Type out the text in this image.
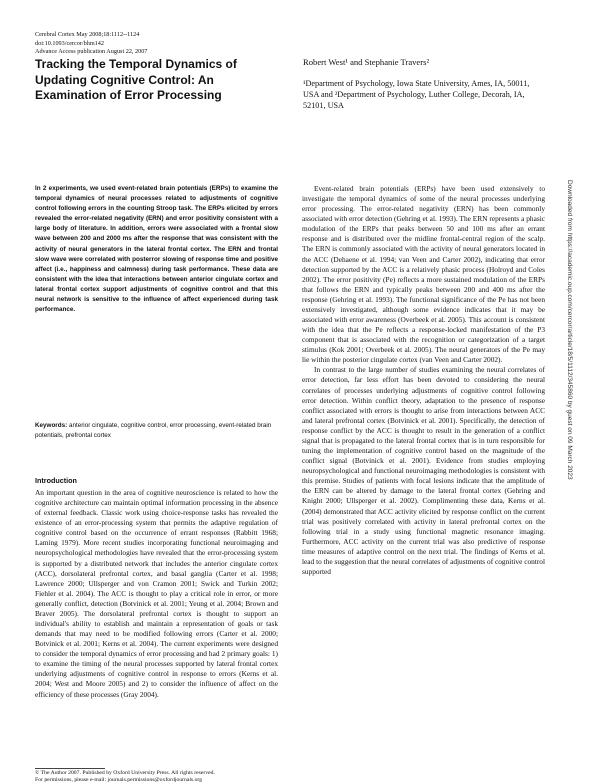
Cerebral Cortex May 2008;18:1112--1124
doi:10.1093/cercor/bhm142
Advance Access publication August 22, 2007
Tracking the Temporal Dynamics of Updating Cognitive Control: An Examination of Error Processing
Robert West¹ and Stephanie Travers²
¹Department of Psychology, Iowa State University, Ames, IA, 50011, USA and ²Department of Psychology, Luther College, Decorah, IA, 52101, USA
In 2 experiments, we used event-related brain potentials (ERPs) to examine the temporal dynamics of neural processes related to adjustments of cognitive control following errors in the counting Stroop task. The ERPs elicited by errors revealed the error-related negativity (ERN) and error positivity consistent with a large body of literature. In addition, errors were associated with a frontal slow wave between 200 and 2000 ms after the response that was consistent with the activity of neural generators in the lateral frontal cortex. The ERN and frontal slow wave were correlated with posterror slowing of response time and positive affect (i.e., happiness and calmness) during task performance. These data are consistent with the idea that interactions between anterior cingulate cortex and lateral frontal cortex support adjustments of cognitive control and that this neural network is sensitive to the influence of affect experienced during task performance.
Keywords: anterior cingulate, cognitive control, error processing, event-related brain potentials, prefrontal cortex
Introduction

An important question in the area of cognitive neuroscience is related to how the cognitive architecture can maintain optimal information processing in the absence of external feedback. Classic work using choice-response tasks has revealed the existence of an error-processing system that permits the adaptive regulation of cognitive control based on the occurrence of errant responses (Rabbitt 1968; Laming 1979). More recent studies incorporating functional neuroimaging and neuropsychological methodologies have revealed that the error-processing system is supported by a distributed network that includes the anterior cingulate cortex (ACC), dorsolateral prefrontal cortex, and basal ganglia (Carter et al. 1998; Lawrence 2000; Ullsperger and von Cramon 2001; Swick and Turkin 2002; Fiehler et al. 2004). The ACC is thought to play a critical role in error, or more generally conflict, detection (Botvinick et al. 2001; Yeung et al. 2004; Brown and Braver 2005). The dorsolateral prefrontal cortex is thought to support an individual's ability to establish and maintain a representation of goals or task demands that may need to be modified following errors (Carter et al. 2000; Botvinick et al. 2001; Kerns et al. 2004). The current experiments were designed to consider the temporal dynamics of error processing and had 2 primary goals: 1) to examine the timing of the neural processes supported by lateral frontal cortex underlying adjustments of cognitive control in response to errors (Kerns et al. 2004; West and Moore 2005) and 2) to consider the influence of affect on the efficiency of these processes (Gray 2004).

Event-related brain potentials (ERPs) have been used extensively to investigate the temporal dynamics of some of the neural processes underlying error processing. The error-related negativity (ERN) has been commonly associated with error detection (Gehring et al. 1993). The ERN represents a phasic modulation of the ERPs that peaks between 50 and 100 ms after an errant response and is distributed over the midline frontal-central region of the scalp. The ERN is commonly associated with the activity of neural generators located in the ACC (Dehaene et al. 1994; van Veen and Carter 2002), indicating that error detection supported by the ACC is a relatively phasic process (Holroyd and Coles 2002). The error positivity (Pe) reflects a more sustained modulation of the ERPs that follows the ERN and typically peaks between 200 and 400 ms after the response (Gehring et al. 1993). The functional significance of the Pe has not been extensively investigated, although some evidence indicates that it may be associated with error awareness (Overbeek et al. 2005). This account is consistent with the idea that the Pe reflects a response-locked manifestation of the P3 component that is associated with the recognition or categorization of a target stimulus (Kok 2001; Overbeek et al. 2005). The neural generators of the Pe may lie within the posterior cingulate cortex (van Veen and Carter 2002).

In contrast to the large number of studies examining the neural correlates of error detection, far less effort has been devoted to considering the neural correlates of processes underlying adjustments of cognitive control following error detection. Within conflict theory, adaptation to the presence of response conflict associated with errors is thought to arise from interactions between ACC and lateral prefrontal cortex (Botvinick et al. 2001). Specifically, the detection of response conflict by the ACC is thought to result in the generation of a conflict signal that is propagated to the lateral frontal cortex that is in turn responsible for tuning the implementation of cognitive control based on the magnitude of the conflict signal (Botvinick et al. 2001). Evidence from studies employing neuropsychological and functional neuroimaging methodologies is consistent with this premise. Studies of patients with focal lesions indicate that the amplitude of the ERN can be altered by damage to the lateral frontal cortex (Gehring and Knight 2000; Ullsperger et al. 2002). Complimenting these data, Kerns et al. (2004) demonstrated that ACC activity elicited by response conflict on the current trial was positively correlated with activity in lateral prefrontal cortex on the following trial in a study using functional magnetic resonance imaging. Furthermore, ACC activity on the current trial was also predictive of response time measures of adaptive control on the next trial. The findings of Kerns et al. lead to the suggestion that the neural correlates of adjustments of cognitive control supported

© The Author 2007. Published by Oxford University Press. All rights reserved.
For permissions, please e-mail: journals.permissions@oxfordjournals.org
Downloaded from https://academic.oup.com/cercor/article/18/5/1112/345860 by guest on 09 March 2023
